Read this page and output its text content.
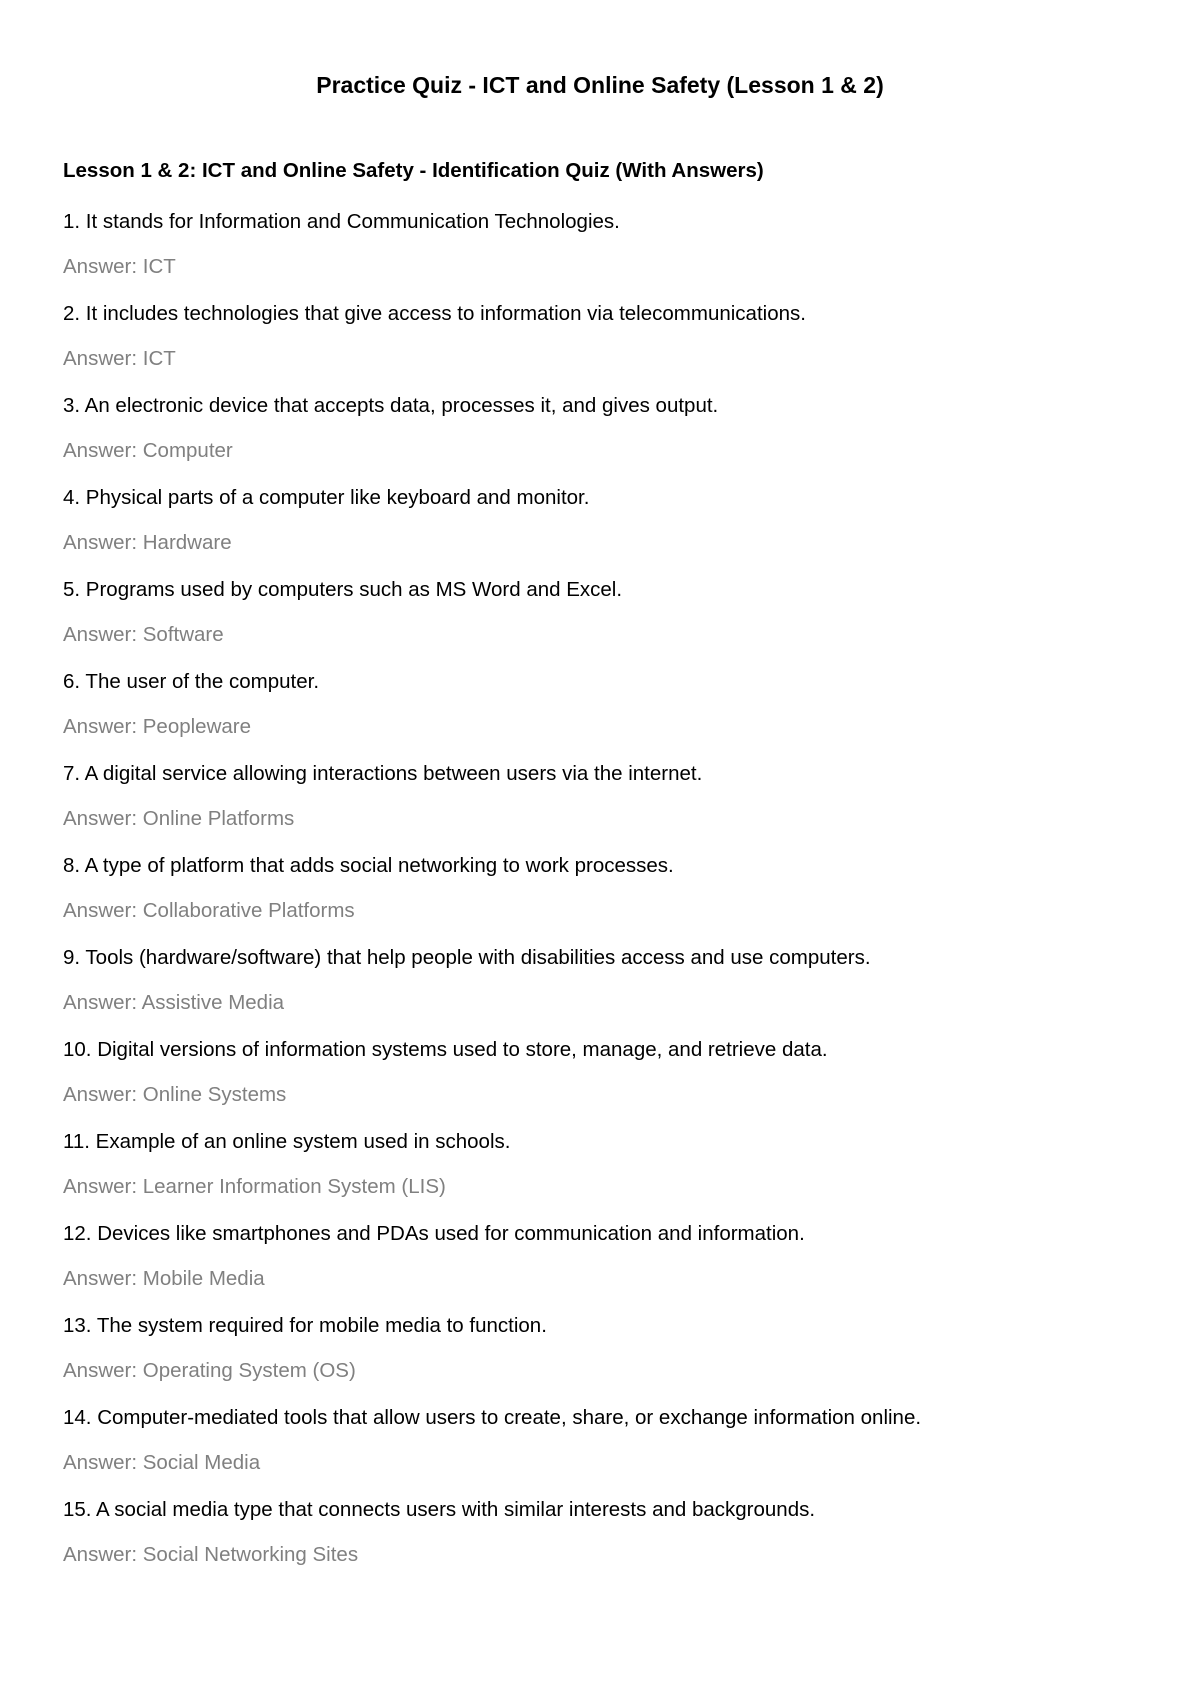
Practice Quiz - ICT and Online Safety (Lesson 1 & 2)
Lesson 1 & 2: ICT and Online Safety - Identification Quiz (With Answers)
1. It stands for Information and Communication Technologies.
Answer: ICT
2. It includes technologies that give access to information via telecommunications.
Answer: ICT
3. An electronic device that accepts data, processes it, and gives output.
Answer: Computer
4. Physical parts of a computer like keyboard and monitor.
Answer: Hardware
5. Programs used by computers such as MS Word and Excel.
Answer: Software
6. The user of the computer.
Answer: Peopleware
7. A digital service allowing interactions between users via the internet.
Answer: Online Platforms
8. A type of platform that adds social networking to work processes.
Answer: Collaborative Platforms
9. Tools (hardware/software) that help people with disabilities access and use computers.
Answer: Assistive Media
10. Digital versions of information systems used to store, manage, and retrieve data.
Answer: Online Systems
11. Example of an online system used in schools.
Answer: Learner Information System (LIS)
12. Devices like smartphones and PDAs used for communication and information.
Answer: Mobile Media
13. The system required for mobile media to function.
Answer: Operating System (OS)
14. Computer-mediated tools that allow users to create, share, or exchange information online.
Answer: Social Media
15. A social media type that connects users with similar interests and backgrounds.
Answer: Social Networking Sites
